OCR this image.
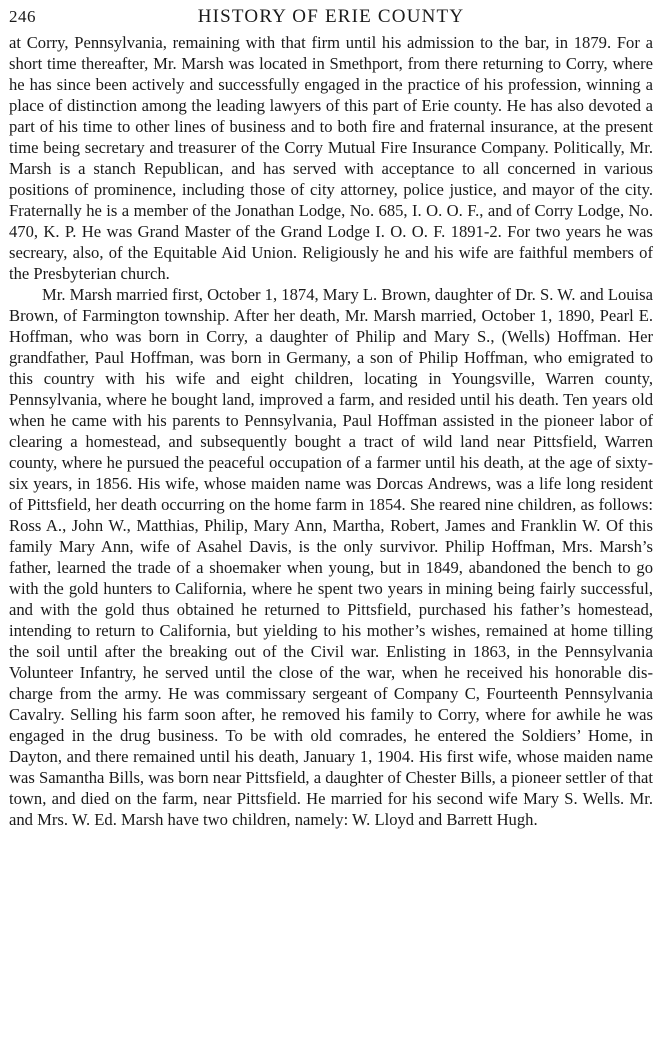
246	HISTORY OF ERIE COUNTY

at Corry, Pennsylvania, remaining with that firm until his admission to the bar, in 1879. For a short time thereafter, Mr. Marsh was located in Smethport, from there returning to Corry, where he has since been actively and successfully engaged in the practice of his profession, winning a place of distinction among the leading lawyers of this part of Erie county. He has also devoted a part of his time to other lines of business and to both fire and fraternal insurance, at the present time being secretary and treasurer of the Corry Mutual Fire Insurance Company. Politically, Mr. Marsh is a stanch Republican, and has served with acceptance to all concerned in various positions of prominence, including those of city attorney, police justice, and mayor of the city. Fraternally he is a member of the Jonathan Lodge, No. 685, I. O. O. F., and of Corry Lodge, No. 470, K. P. He was Grand Master of the Grand Lodge I. O. O. F. 1891-2. For two years he was secreary, also, of the Equitable Aid Union. Religiously he and his wife are faithful members of the Presbyterian church.

Mr. Marsh married first, October 1, 1874, Mary L. Brown, daughter of Dr. S. W. and Louisa Brown, of Farmington township. After her death, Mr. Marsh married, October 1, 1890, Pearl E. Hoffman, who was born in Corry, a daughter of Philip and Mary S., (Wells) Hoffman. Her grandfather, Paul Hoffman, was born in Germany, a son of Philip Hoffman, who emigrated to this country with his wife and eight children, locating in Youngsville, Warren county, Pennsylvania, where he bought land, improved a farm, and resided until his death. Ten years old when he came with his parents to Pennsylvania, Paul Hoffman assisted in the pioneer labor of clearing a homestead, and subsequently bought a tract of wild land near Pittsfield, Warren county, where he pursued the peaceful occupation of a farmer until his death, at the age of sixty-six years, in 1856. His wife, whose maiden name was Dorcas Andrews, was a life long resident of Pittsfield, her death occurring on the home farm in 1854. She reared nine children, as follows: Ross A., John W., Matthias, Philip, Mary Ann, Martha, Robert, James and Franklin W. Of this family Mary Ann, wife of Asahel Davis, is the only survivor. Philip Hoffman, Mrs. Marsh’s father, learned the trade of a shoemaker when young, but in 1849, abandoned the bench to go with the gold hunters to California, where he spent two years in mining being fairly successful, and with the gold thus obtained he returned to Pittsfield, purchased his father’s homestead, intending to return to California, but yielding to his mother’s wishes, remained at home tilling the soil until after the breaking out of the Civil war. Enlisting in 1863, in the Pennsylvania Volunteer Infantry, he served until the close of the war, when he received his honorable discharge from the army. He was commissary sergeant of Company C, Fourteenth Pennsylvania Cavalry. Selling his farm soon after, he removed his family to Corry, where for awhile he was engaged in the drug business. To be with old comrades, he entered the Soldiers’ Home, in Dayton, and there remained until his death, January 1, 1904. His first wife, whose maiden name was Samantha Bills, was born near Pittsfield, a daughter of Chester Bills, a pioneer settler of that town, and died on the farm, near Pittsfield. He married for his second wife Mary S. Wells. Mr. and Mrs. W. Ed. Marsh have two children, namely: W. Lloyd and Barrett Hugh.
